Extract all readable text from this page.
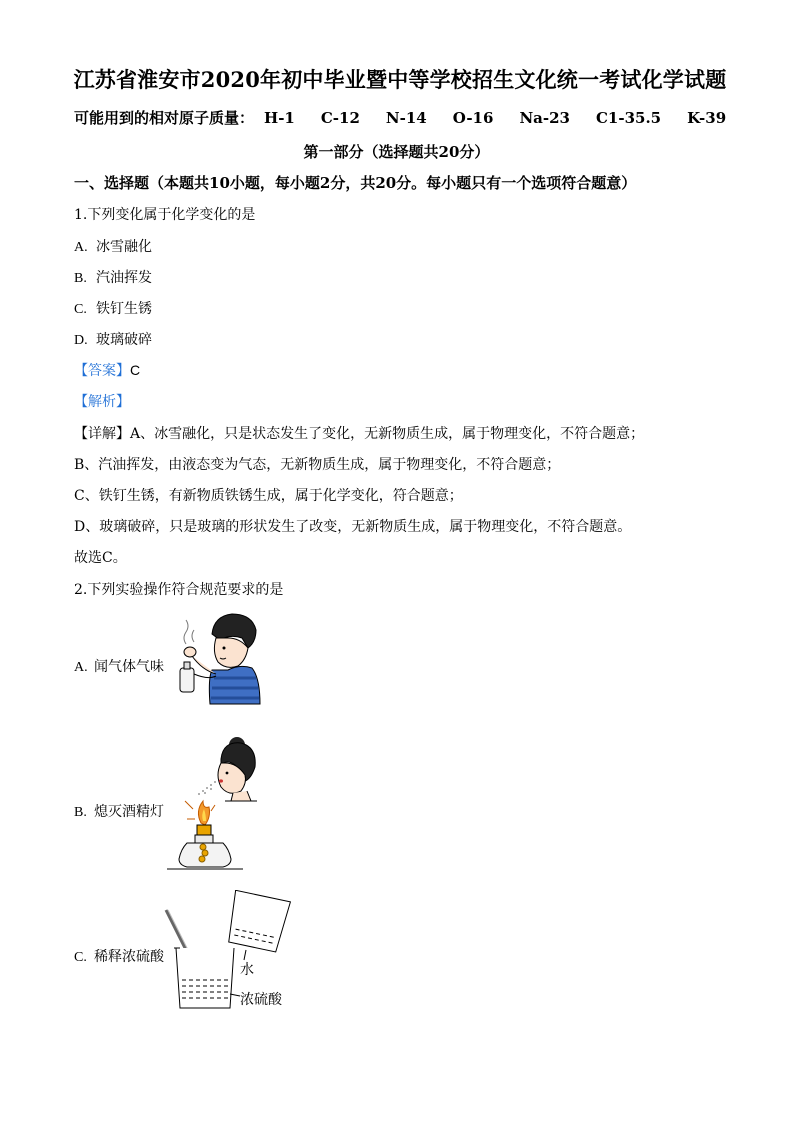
江苏省淮安市2020年初中毕业暨中等学校招生文化统一考试化学试题
可能用到的相对原子质量： H-1 C-12 N-14 O-16 Na-23 C1-35.5 K-39
第一部分（选择题共20分）
一、选择题（本题共10小题，每小题2分，共20分。每小题只有一个选项符合题意）
1.下列变化属于化学变化的是
A. 冰雪融化
B. 汽油挥发
C. 铁钉生锈
D. 玻璃破碎
【答案】C
【解析】
【详解】A、冰雪融化，只是状态发生了变化，无新物质生成，属于物理变化，不符合题意；
B、汽油挥发，由液态变为气态，无新物质生成，属于物理变化，不符合题意；
C、铁钉生锈，有新物质铁锈生成，属于化学变化，符合题意；
D、玻璃破碎，只是玻璃的形状发生了改变，无新物质生成，属于物理变化，不符合题意。
故选C。
2.下列实验操作符合规范要求的是
A. 闻气体气味
B. 熄灭酒精灯
C. 稀释浓硫酸
水
浓硫酸
